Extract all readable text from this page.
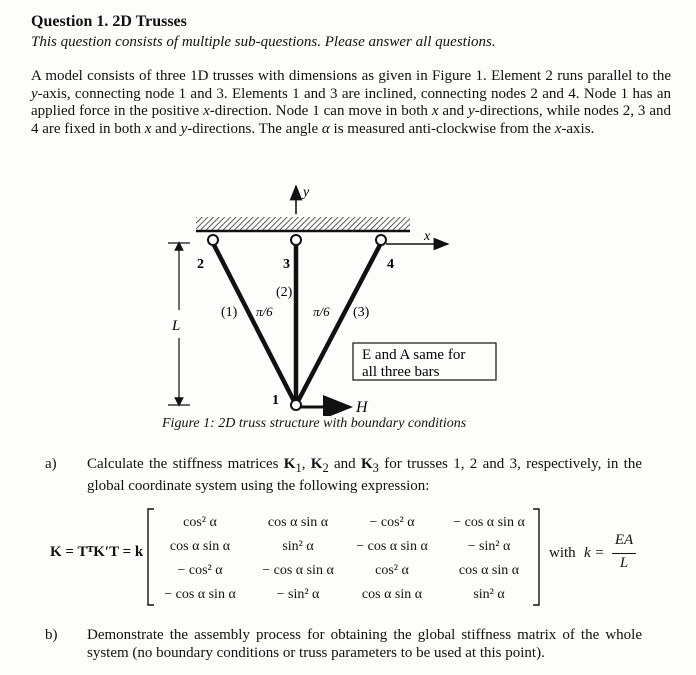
Question 1. 2D Trusses
This question consists of multiple sub-questions. Please answer all questions.
A model consists of three 1D trusses with dimensions as given in Figure 1. Element 2 runs parallel to the y-axis, connecting node 1 and 3. Elements 1 and 3 are inclined, connecting nodes 2 and 4. Node 1 has an applied force in the positive x-direction. Node 1 can move in both x and y-directions, while nodes 2, 3 and 4 are fixed in both x and y-directions. The angle α is measured anti-clockwise from the x-axis.
y
x
2	3	4
1
(1)
(2)
(3)
π/6	π/6
L
H
E and A same for
all three bars
Figure 1: 2D truss structure with boundary conditions
a) Calculate the stiffness matrices $K_1$, $K_2$ and $K_3$ for trusses 1, 2 and 3, respectively, in the global coordinate system using the following expression:
K = TᵀK′T = k
cos² α	cos α sin α	− cos² α	− cos α sin α
cos α sin α	sin² α	− cos α sin α	− sin² α
− cos² α	− cos α sin α	cos² α	cos α sin α
− cos α sin α	− sin² α	cos α sin α	sin² α
with k =
EA
L
b) Demonstrate the assembly process for obtaining the global stiffness matrix of the whole system (no boundary conditions or truss parameters to be used at this point).
